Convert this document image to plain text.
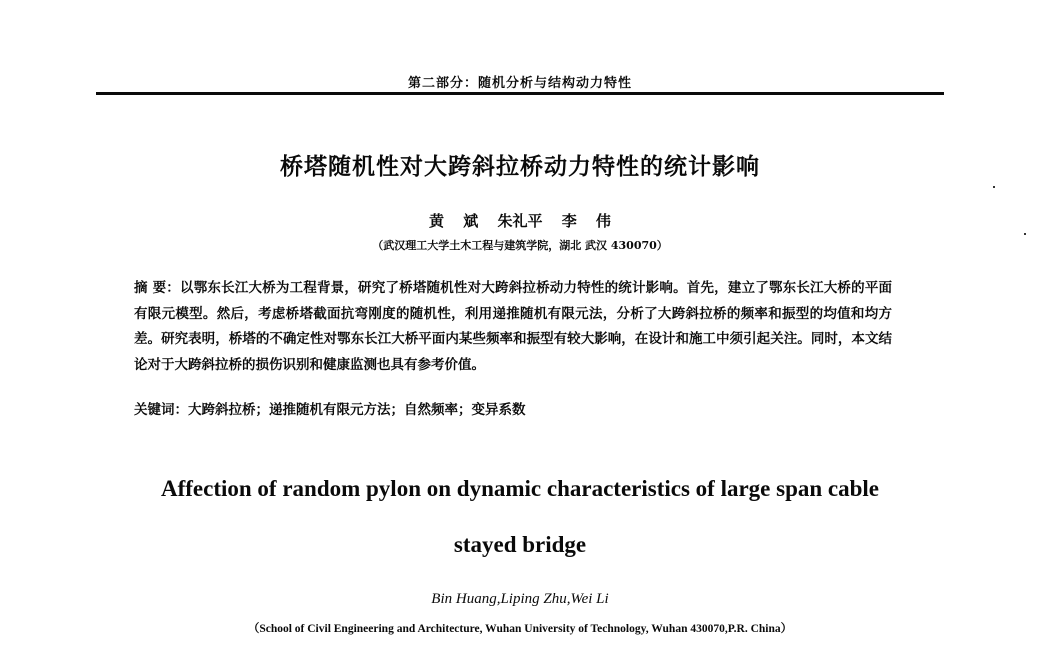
第二部分：随机分析与结构动力特性
桥塔随机性对大跨斜拉桥动力特性的统计影响
黄 斌 朱礼平 李 伟
（武汉理工大学土木工程与建筑学院，湖北 武汉 430070）
摘 要：以鄂东长江大桥为工程背景，研究了桥塔随机性对大跨斜拉桥动力特性的统计影响。首先，建立了鄂东长江大桥的平面有限元模型。然后，考虑桥塔截面抗弯刚度的随机性，利用递推随机有限元法，分析了大跨斜拉桥的频率和振型的均值和均方差。研究表明，桥塔的不确定性对鄂东长江大桥平面内某些频率和振型有较大影响，在设计和施工中须引起关注。同时，本文结论对于大跨斜拉桥的损伤识别和健康监测也具有参考价值。
关键词：大跨斜拉桥；递推随机有限元方法；自然频率；变异系数
Affection of random pylon on dynamic characteristics of large span cable
stayed bridge
Bin Huang,Liping Zhu,Wei Li
（School of Civil Engineering and Architecture, Wuhan University of Technology, Wuhan 430070,P.R. China）
